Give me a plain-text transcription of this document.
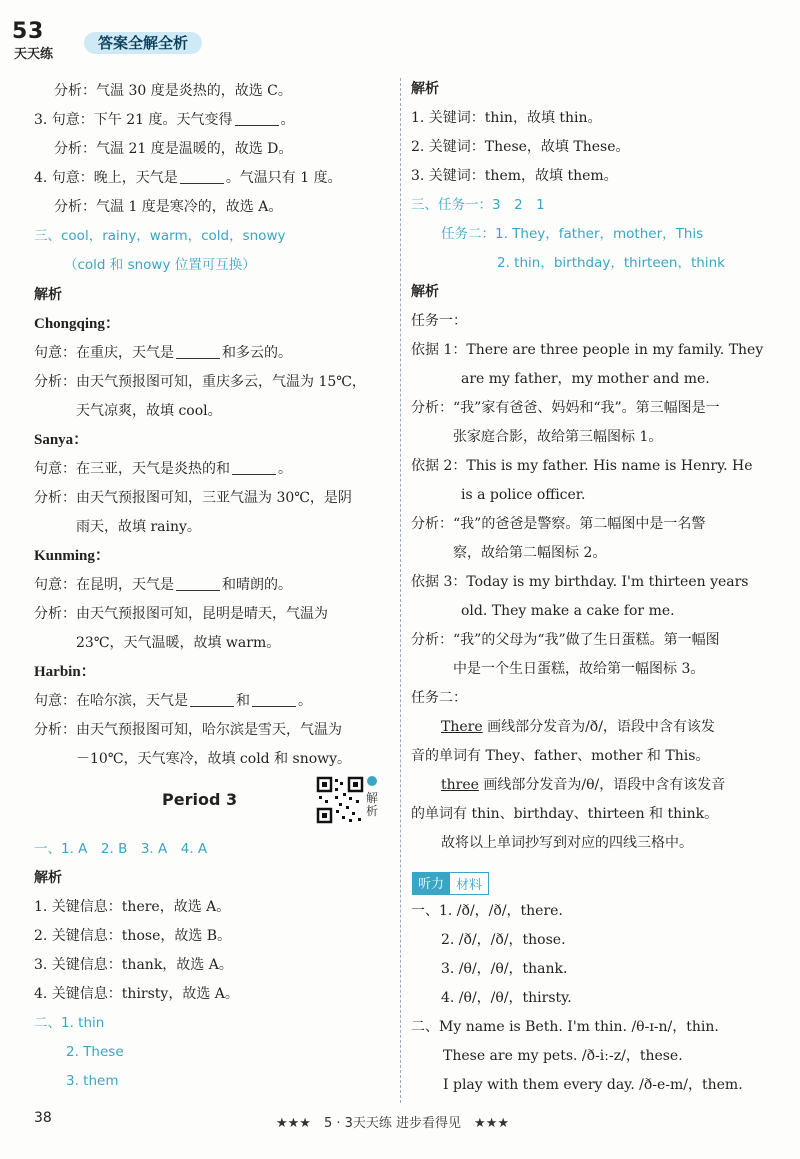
5 3
天天练
答案全解全析
分析：气温 30 度是炎热的，故选 C。
3. 句意：下午 21 度。天气变得	。
分析：气温 21 度是温暖的，故选 D。
4. 句意：晚上，天气是	。气温只有 1 度。
分析：气温 1 度是寒冷的，故选 A。
三、cool，rainy，warm，cold，snowy
（cold 和 snowy 位置可互换）
解析
Chongqing：
句意：在重庆，天气是	和多云的。
分析：由天气预报图可知，重庆多云，气温为 15℃，
天气凉爽，故填 cool。
Sanya：
句意：在三亚，天气是炎热的和	。
分析：由天气预报图可知，三亚气温为 30℃，是阴
雨天，故填 rainy。
Kunming：
句意：在昆明，天气是	和晴朗的。
分析：由天气预报图可知，昆明是晴天，气温为
23℃，天气温暖，故填 warm。
Harbin：
句意：在哈尔滨，天气是	和	。
分析：由天气预报图可知，哈尔滨是雪天，气温为
－10℃，天气寒冷，故填 cold 和 snowy。
一、1. A　2. B　3. A　4. A
解析
1. 关键信息：there，故选 A。
2. 关键信息：those，故选 B。
3. 关键信息：thank，故选 A。
4. 关键信息：thirsty，故选 A。
二、1. thin
2. These
3. them
Period 3	解析
解析
1. 关键词：thin，故填 thin。
2. 关键词：These，故填 These。
3. 关键词：them，故填 them。
三、任务一：3　2　1
任务二：1. They，father，mother，This
2. thin，birthday，thirteen，think
解析
任务一：
依据 1：There are three people in my family. They
are my father，my mother and me.
分析：“我”家有爸爸、妈妈和“我”。第三幅图是一
张家庭合影，故给第三幅图标 1。
依据 2：This is my father. His name is Henry. He
is a police officer.
分析：“我”的爸爸是警察。第二幅图中是一名警
察，故给第二幅图标 2。
依据 3：Today is my birthday. I'm thirteen years
old. They make a cake for me.
分析：“我”的父母为“我”做了生日蛋糕。第一幅图
中是一个生日蛋糕，故给第一幅图标 3。
任务二：
There 画线部分发音为/ð/，语段中含有该发
音的单词有 They、father、mother 和 This。
three 画线部分发音为/θ/，语段中含有该发音
的单词有 thin、birthday、thirteen 和 think。
故将以上单词抄写到对应的四线三格中。
一、1. /ð/，/ð/，there.
2. /ð/，/ð/，those.
3. /θ/，/θ/，thank.
4. /θ/，/θ/，thirsty.
二、My name is Beth. I'm thin. /θ-ɪ-n/，thin.
These are my pets. /ð-iː-z/，these.
I play with them every day. /ð-e-m/，them.
听力 材料
38	★★★　5 · 3天天练 进步看得见　★★★
